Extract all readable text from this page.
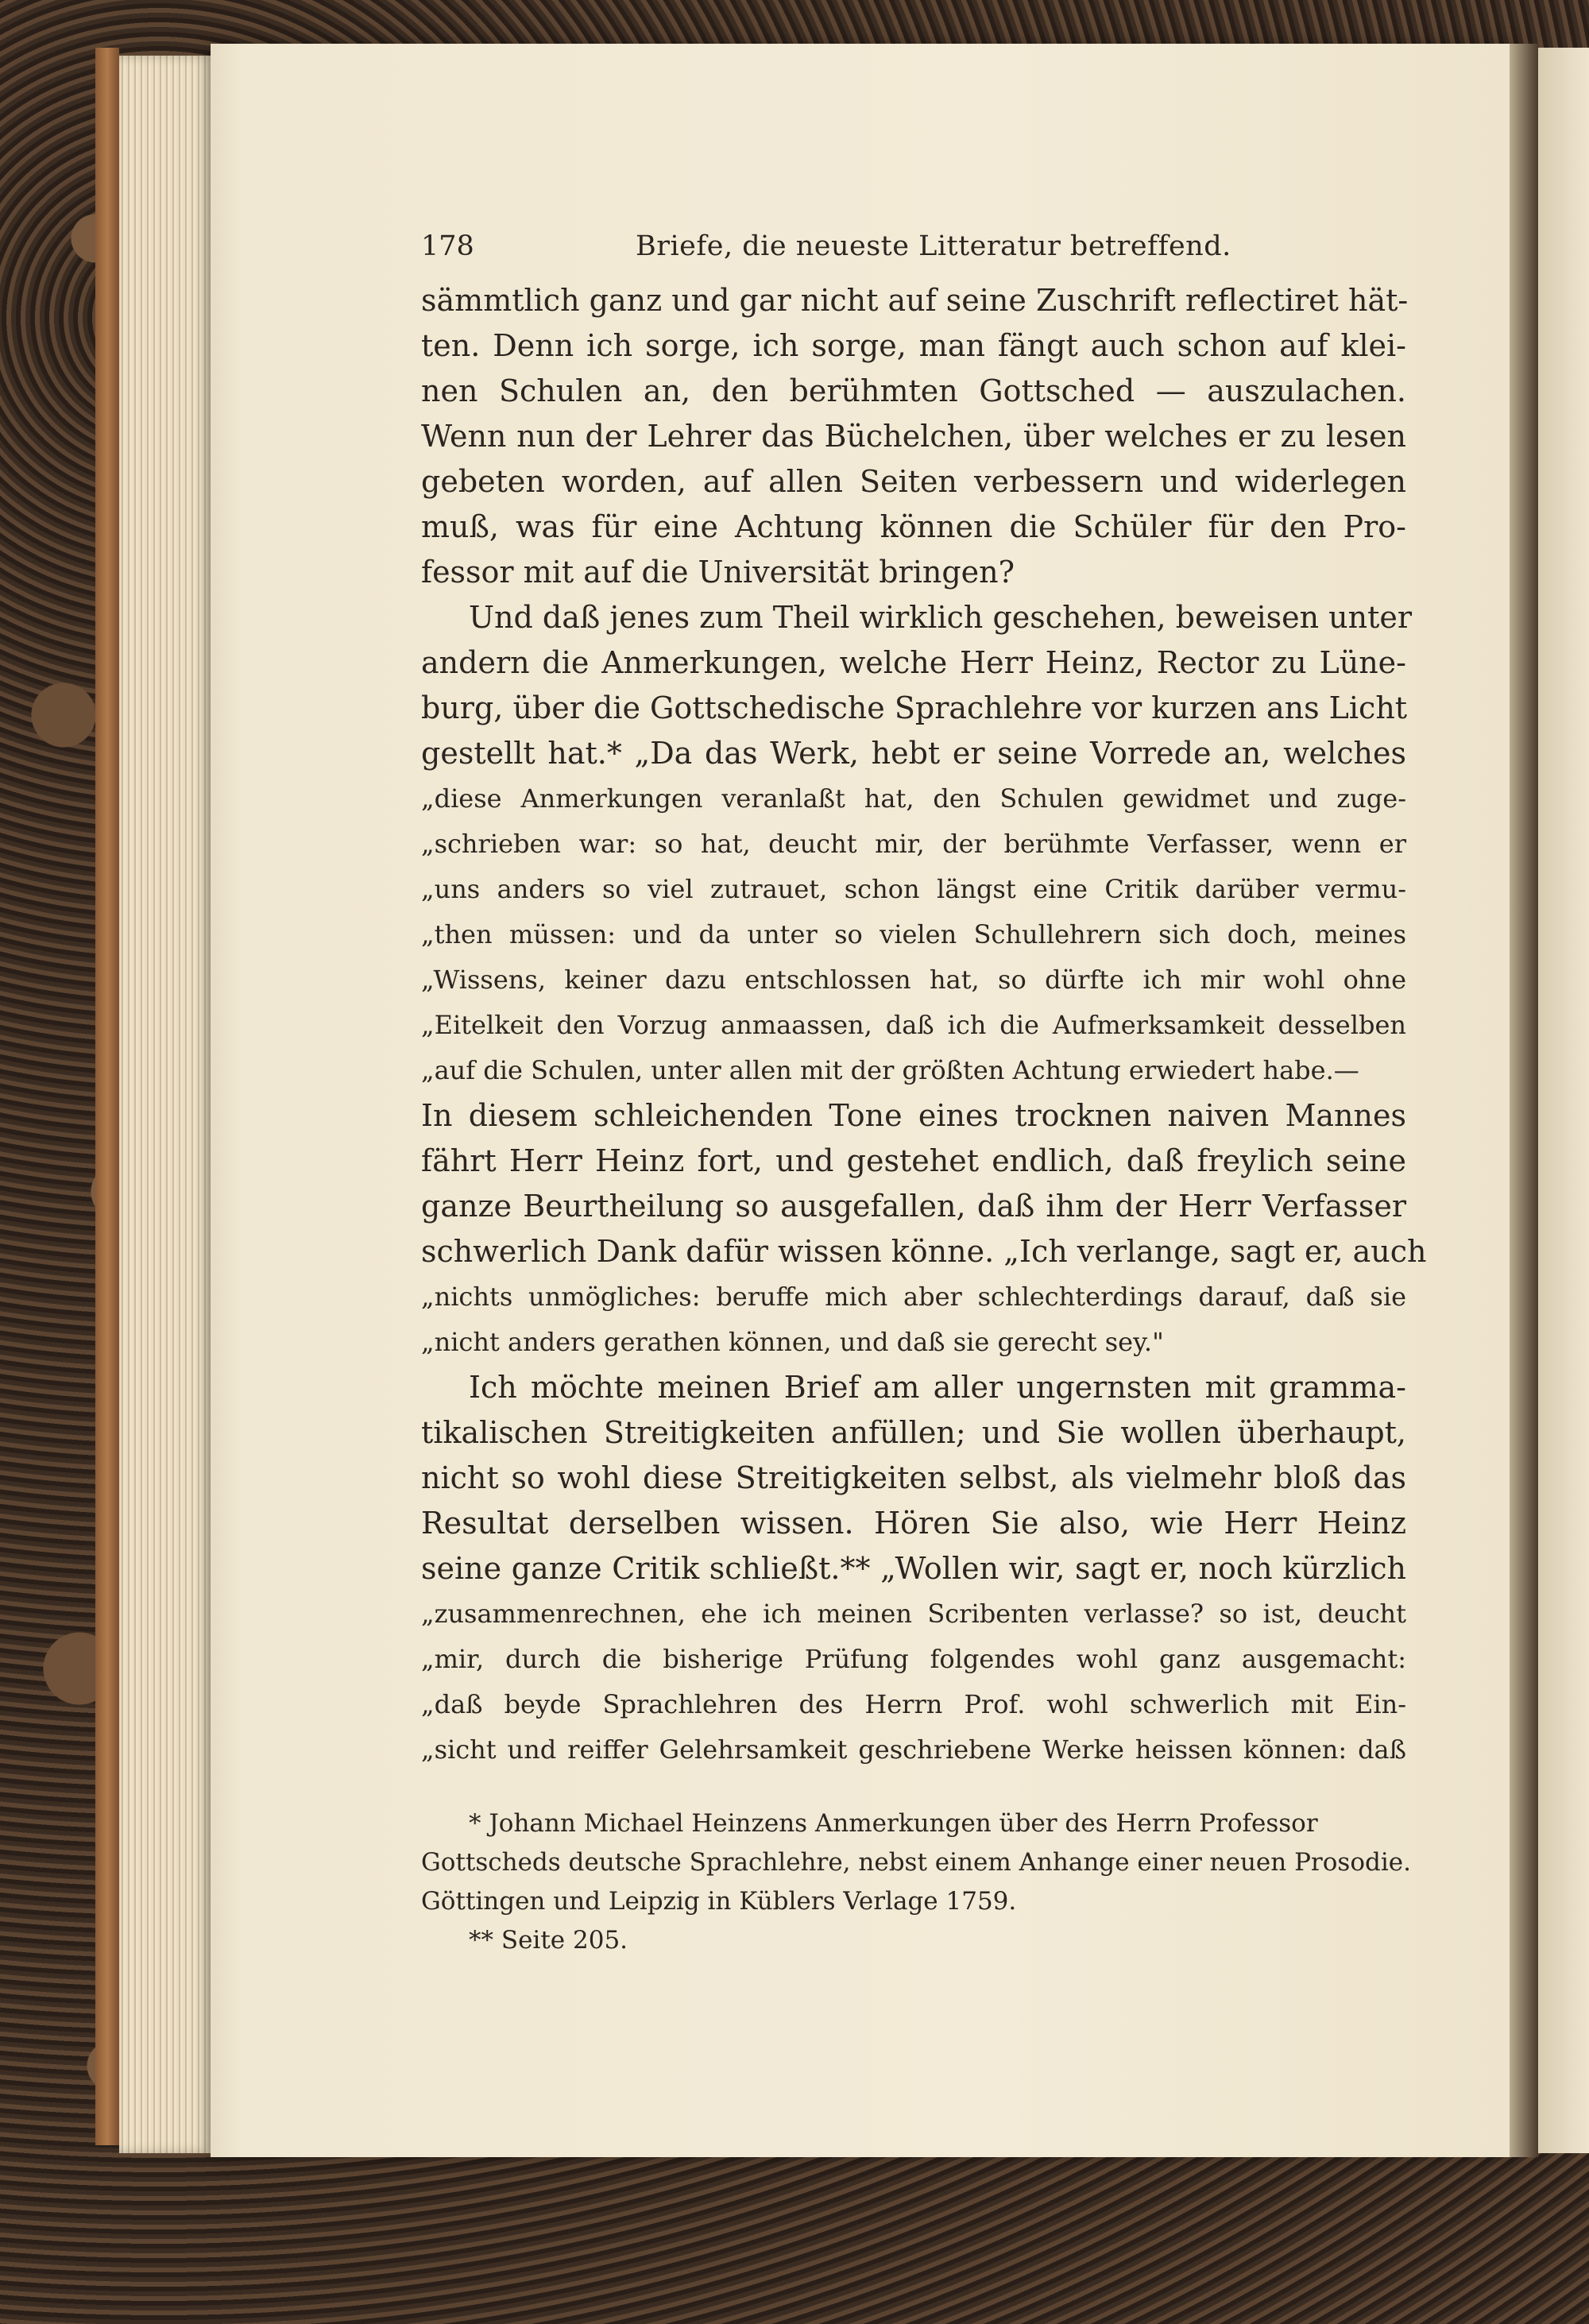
178	Briefe, die neueste Litteratur betreffend.
sämmtlich ganz und gar nicht auf seine Zuschrift reflectiret hät-
ten. Denn ich sorge, ich sorge, man fängt auch schon auf klei-
nen Schulen an, den berühmten Gottsched — auszulachen.
Wenn nun der Lehrer das Büchelchen, über welches er zu lesen
gebeten worden, auf allen Seiten verbessern und widerlegen
muß, was für eine Achtung können die Schüler für den Pro-
fessor mit auf die Universität bringen?
Und daß jenes zum Theil wirklich geschehen, beweisen unter
andern die Anmerkungen, welche Herr Heinz, Rector zu Lüne-
burg, über die Gottschedische Sprachlehre vor kurzen ans Licht
gestellt hat.* „Da das Werk, hebt er seine Vorrede an, welches
„diese Anmerkungen veranlaßt hat, den Schulen gewidmet und zuge-
„schrieben war: so hat, deucht mir, der berühmte Verfasser, wenn er
„uns anders so viel zutrauet, schon längst eine Critik darüber vermu-
„then müssen: und da unter so vielen Schullehrern sich doch, meines
„Wissens, keiner dazu entschlossen hat, so dürfte ich mir wohl ohne
„Eitelkeit den Vorzug anmaassen, daß ich die Aufmerksamkeit desselben
„auf die Schulen, unter allen mit der größten Achtung erwiedert habe.—
In diesem schleichenden Tone eines trocknen naiven Mannes
fährt Herr Heinz fort, und gestehet endlich, daß freylich seine
ganze Beurtheilung so ausgefallen, daß ihm der Herr Verfasser
schwerlich Dank dafür wissen könne. „Ich verlange, sagt er, auch
„nichts unmögliches: beruffe mich aber schlechterdings darauf, daß sie
„nicht anders gerathen können, und daß sie gerecht sey."
Ich möchte meinen Brief am aller ungernsten mit gramma-
tikalischen Streitigkeiten anfüllen; und Sie wollen überhaupt,
nicht so wohl diese Streitigkeiten selbst, als vielmehr bloß das
Resultat derselben wissen. Hören Sie also, wie Herr Heinz
seine ganze Critik schließt.** „Wollen wir, sagt er, noch kürzlich
„zusammenrechnen, ehe ich meinen Scribenten verlasse? so ist, deucht
„mir, durch die bisherige Prüfung folgendes wohl ganz ausgemacht:
„daß beyde Sprachlehren des Herrn Prof. wohl schwerlich mit Ein-
„sicht und reiffer Gelehrsamkeit geschriebene Werke heissen können: daß
* Johann Michael Heinzens Anmerkungen über des Herrn Professor
Gottscheds deutsche Sprachlehre, nebst einem Anhange einer neuen Prosodie.
Göttingen und Leipzig in Küblers Verlage 1759.
** Seite 205.
